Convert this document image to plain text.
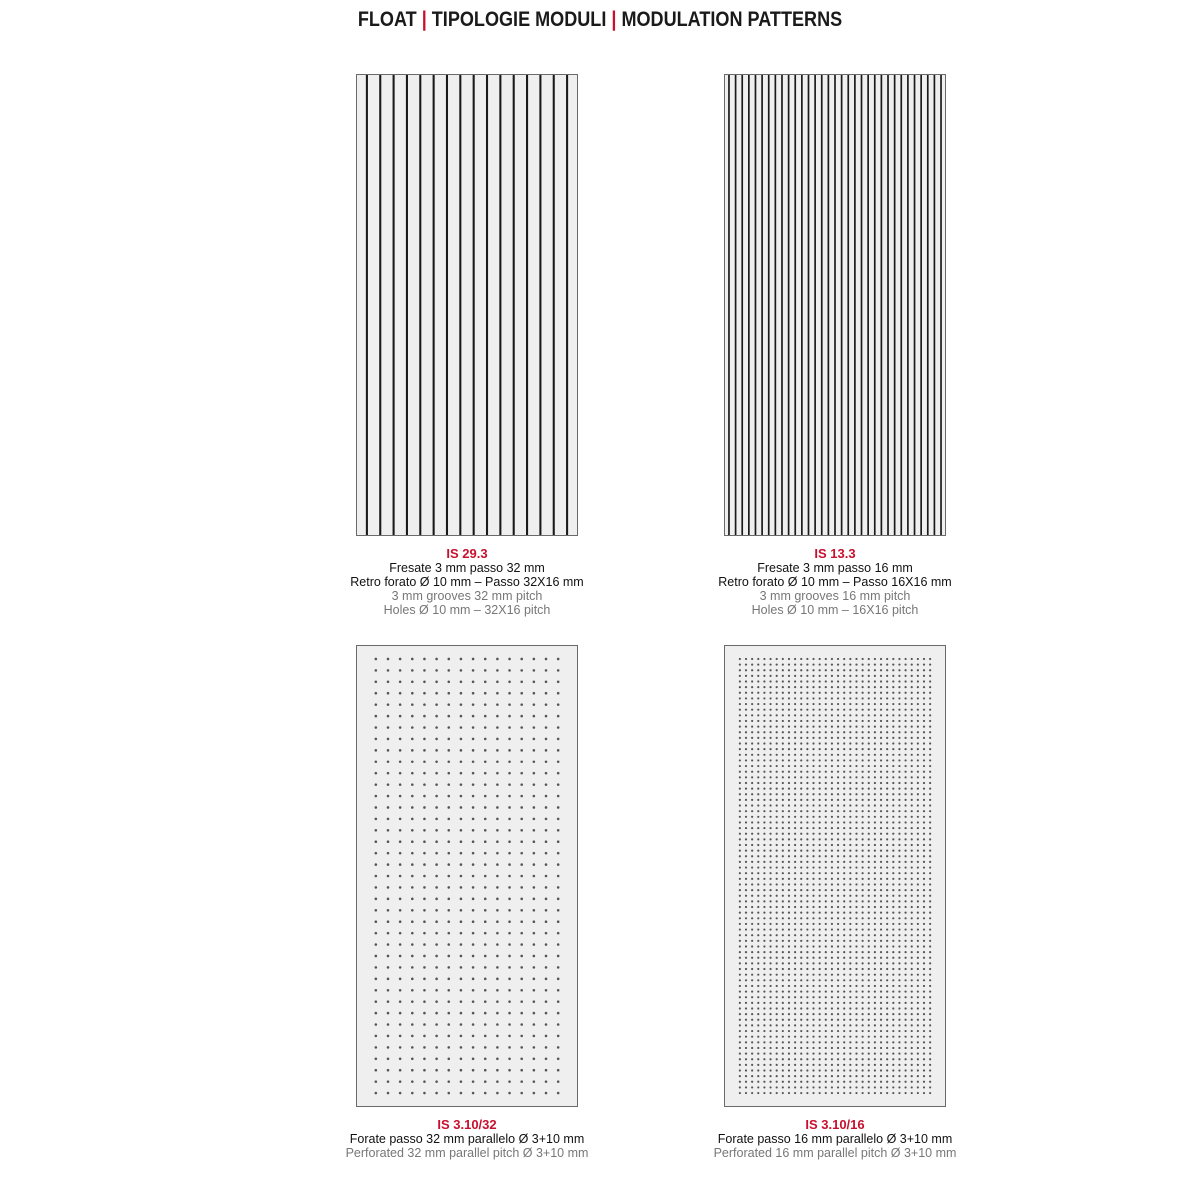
FLOAT | TIPOLOGIE MODULI | MODULATION PATTERNS
IS 29.3
Fresate 3 mm passo 32 mm
Retro forato Ø 10 mm – Passo 32X16 mm
3 mm grooves 32 mm pitch
Holes Ø 10 mm – 32X16 pitch
IS 13.3
Fresate 3 mm passo 16 mm
Retro forato Ø 10 mm – Passo 16X16 mm
3 mm grooves 16 mm pitch
Holes Ø 10 mm – 16X16 pitch
IS 3.10/32
Forate passo 32 mm parallelo Ø 3+10 mm
Perforated 32 mm parallel pitch Ø 3+10 mm
IS 3.10/16
Forate passo 16 mm parallelo Ø 3+10 mm
Perforated 16 mm parallel pitch Ø 3+10 mm
